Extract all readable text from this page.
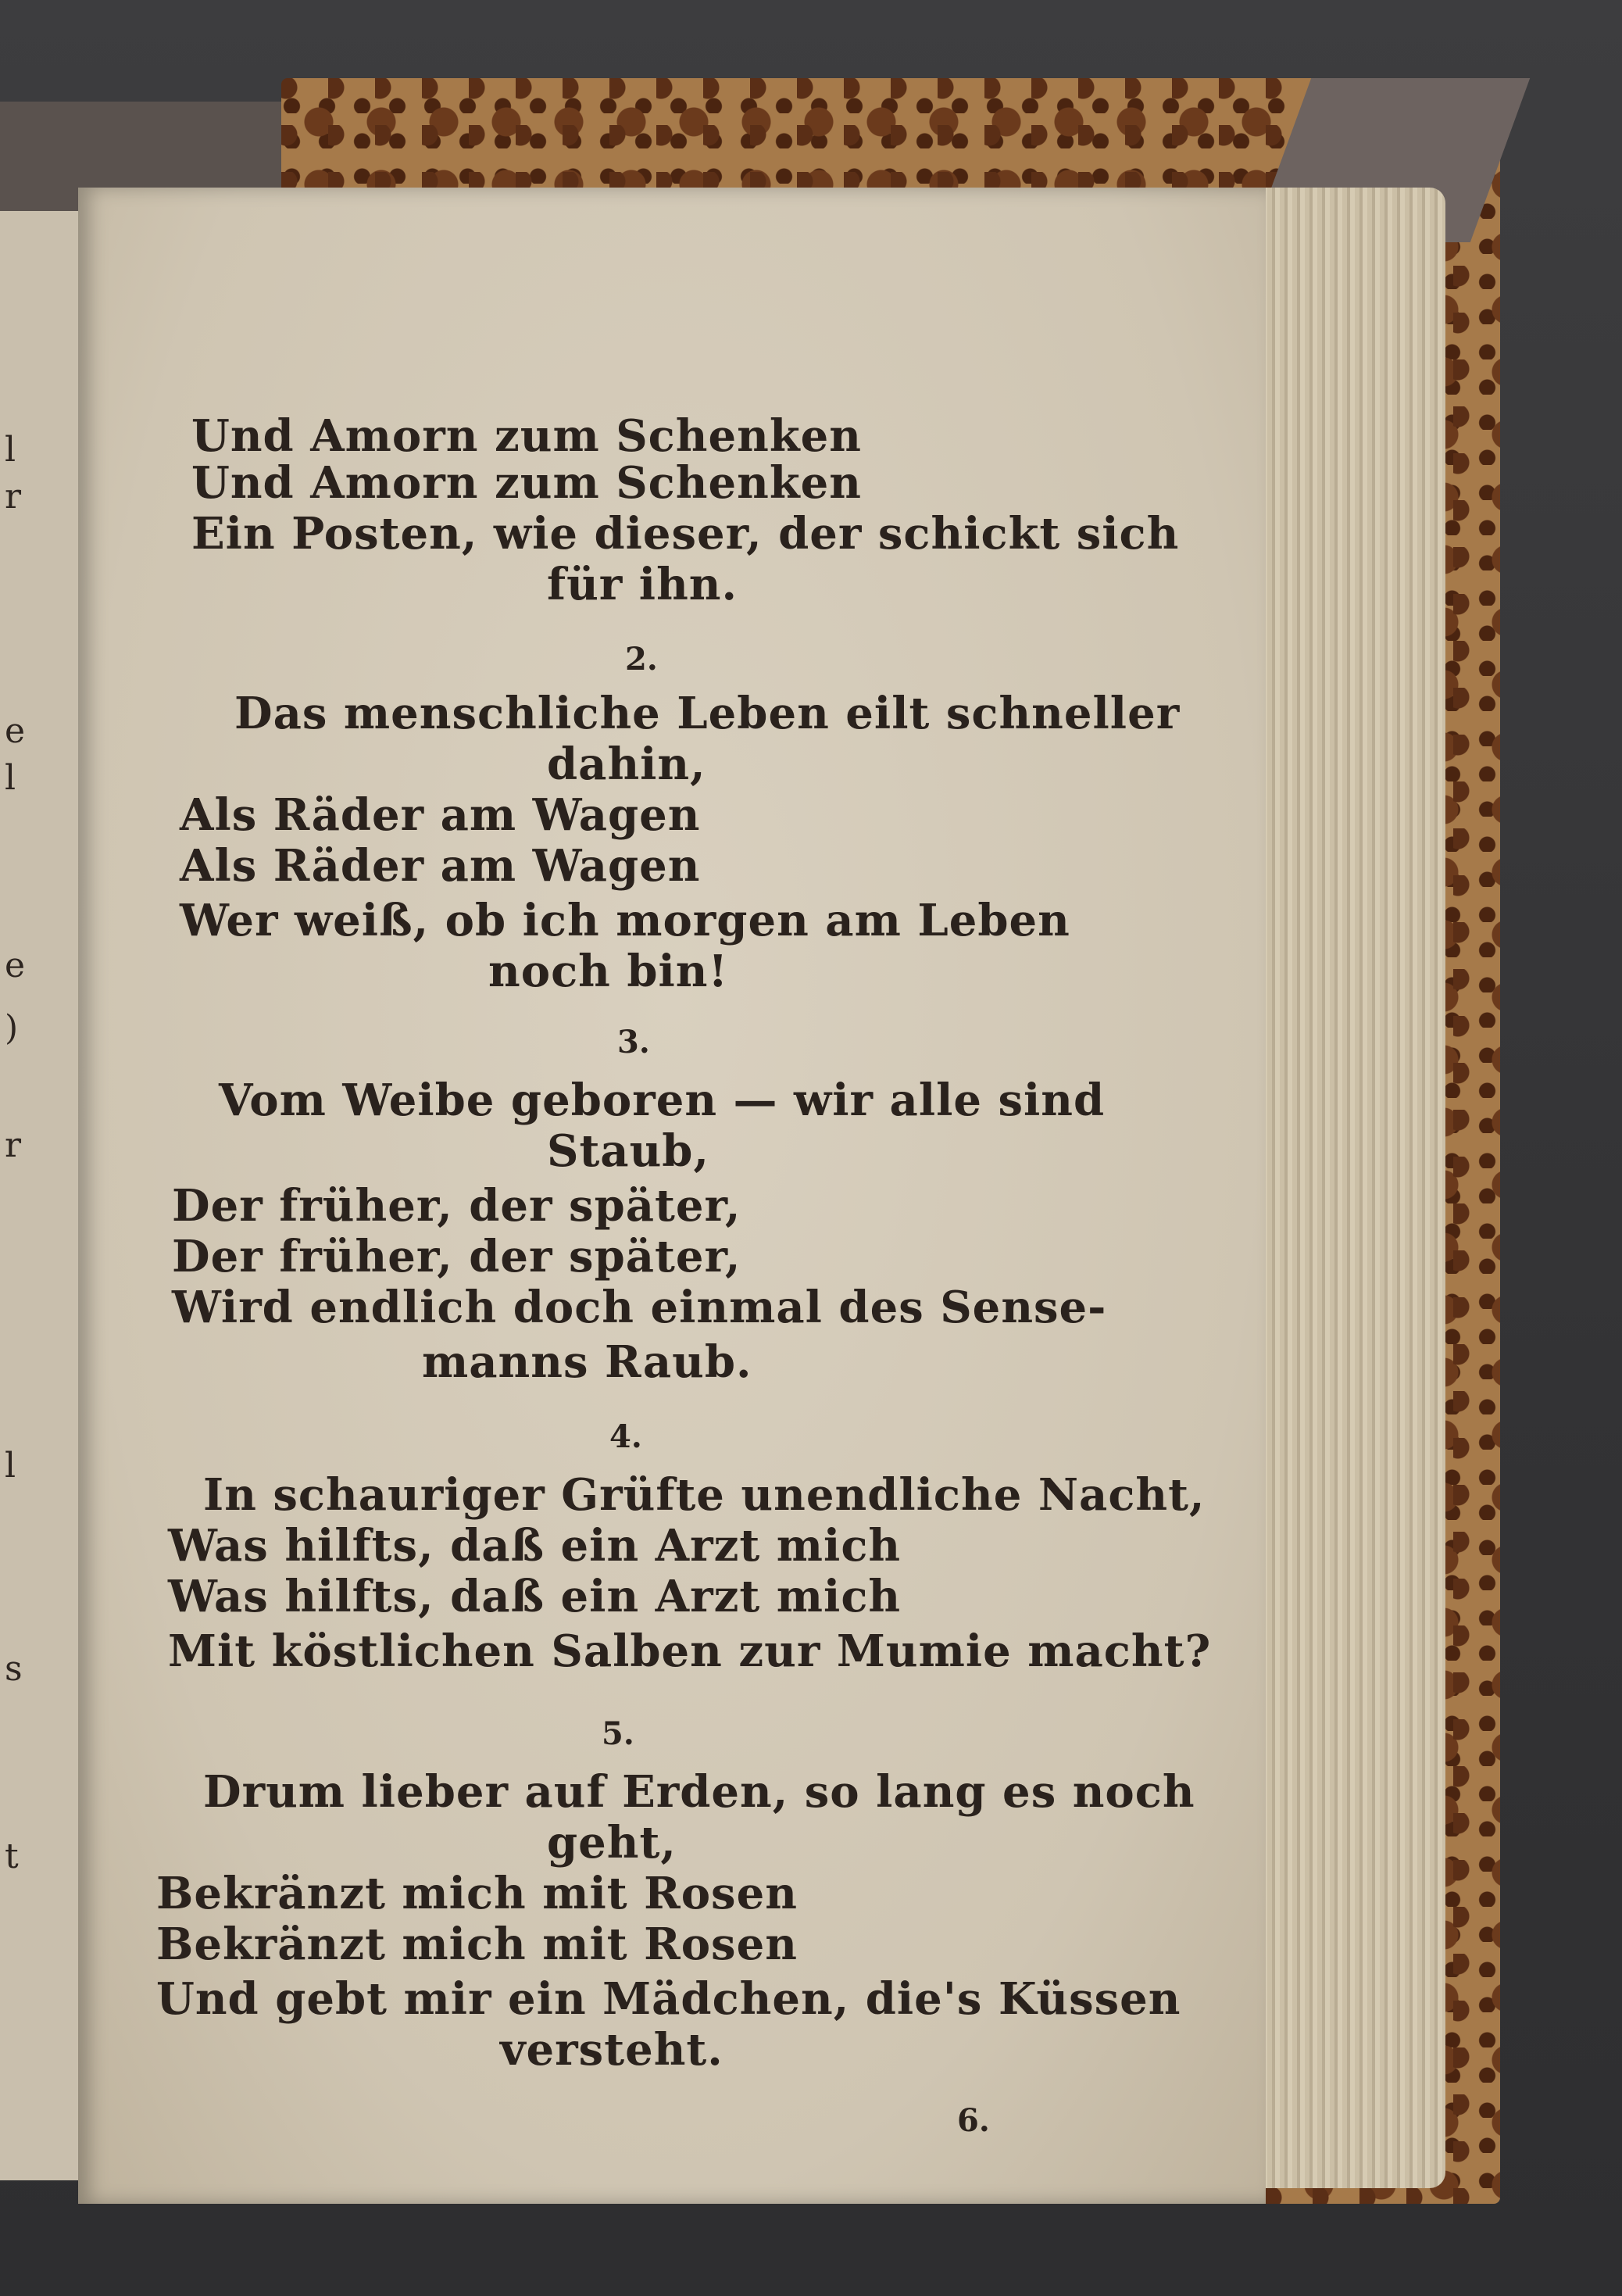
l
r
e
l
e
)
r
l
s
t
Und Amorn zum Schenken
Und Amorn zum Schenken
Ein Posten, wie dieser, der schickt sich
für ihn.
2.
Das menschliche Leben eilt schneller
dahin,
Als Räder am Wagen
Als Räder am Wagen
Wer weiß, ob ich morgen am Leben
noch bin!
3.
Vom Weibe geboren — wir alle sind
Staub,
Der früher, der später,
Der früher, der später,
Wird endlich doch einmal des Sense-
manns Raub.
4.
In schauriger Grüfte unendliche Nacht,
Was hilfts, daß ein Arzt mich
Was hilfts, daß ein Arzt mich
Mit köstlichen Salben zur Mumie macht?
5.
Drum lieber auf Erden, so lang es noch
geht,
Bekränzt mich mit Rosen
Bekränzt mich mit Rosen
Und gebt mir ein Mädchen, die's Küssen
versteht.
6.
